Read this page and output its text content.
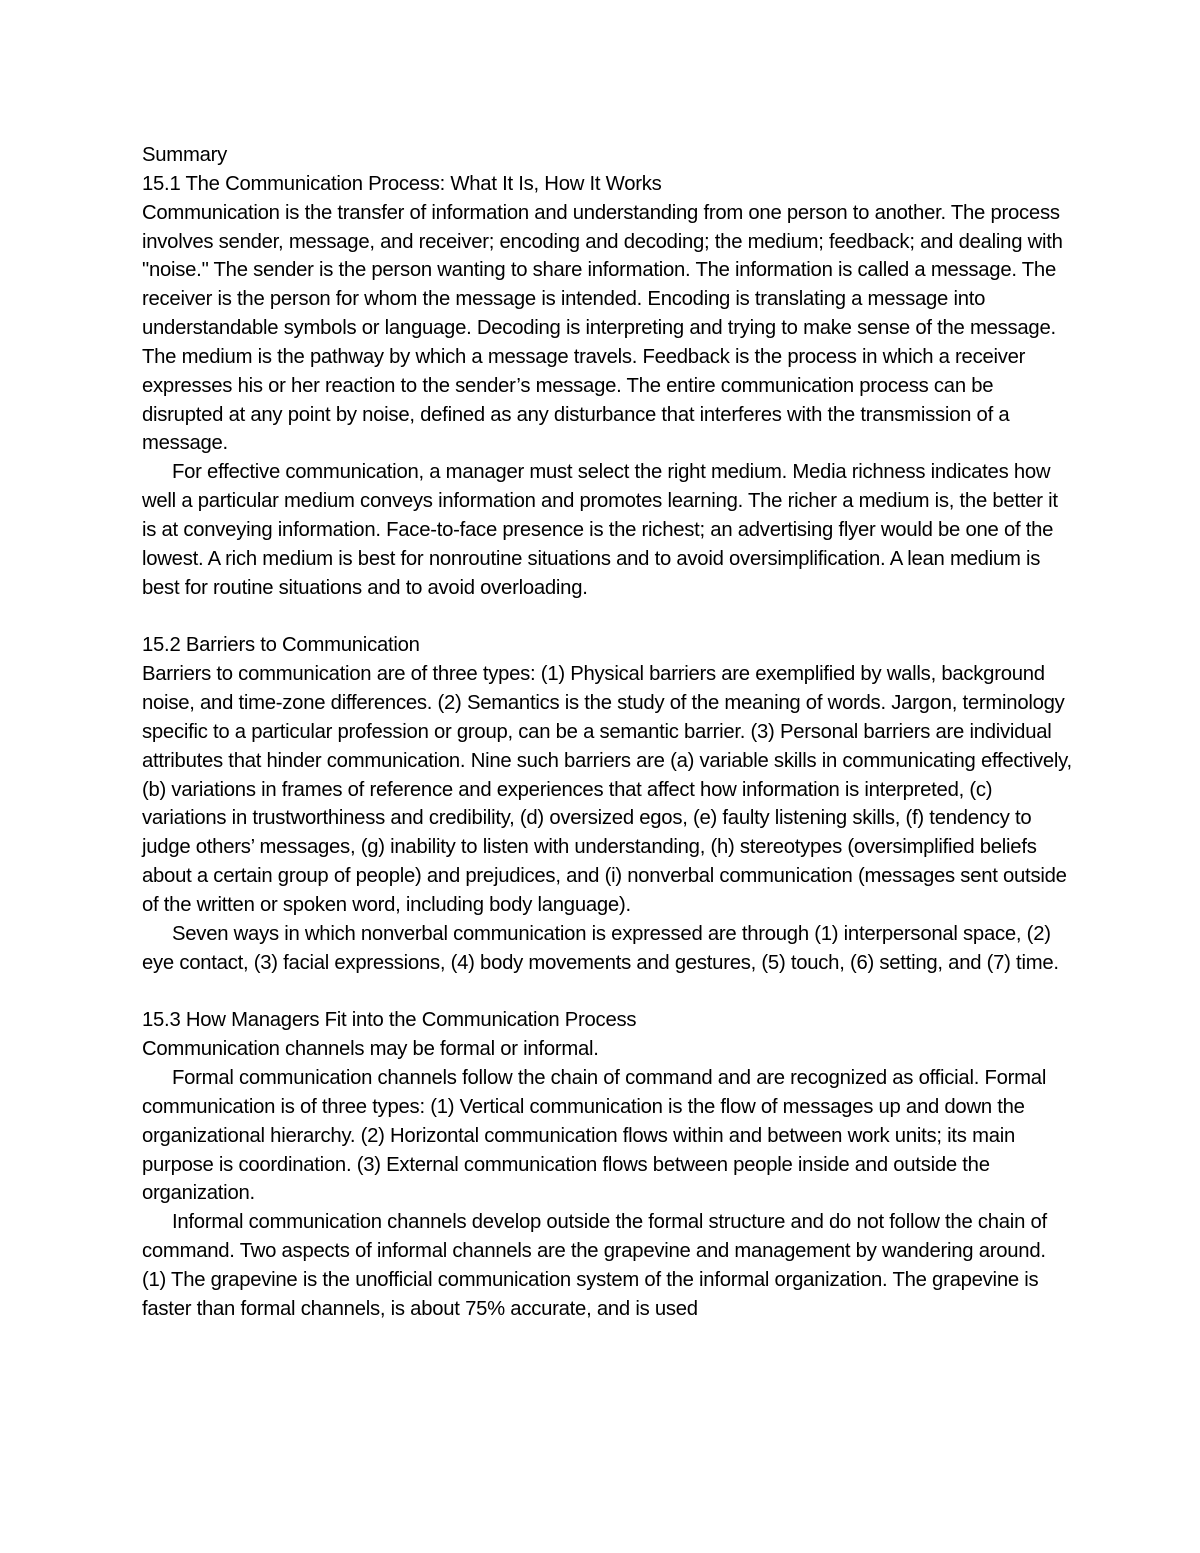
Summary

15.1 The Communication Process: What It Is, How It Works

Communication is the transfer of information and understanding from one person to another. The process involves sender, message, and receiver; encoding and decoding; the medium; feedback; and dealing with "noise." The sender is the person wanting to share information. The information is called a message. The receiver is the person for whom the message is intended. Encoding is translating a message into understandable symbols or language. Decoding is interpreting and trying to make sense of the message. The medium is the pathway by which a message travels. Feedback is the process in which a receiver expresses his or her reaction to the sender’s message. The entire communication process can be disrupted at any point by noise, defined as any disturbance that interferes with the transmission of a message.

For effective communication, a manager must select the right medium. Media richness indicates how well a particular medium conveys information and promotes learning. The richer a medium is, the better it is at conveying information. Face-to-face presence is the richest; an advertising flyer would be one of the lowest. A rich medium is best for nonroutine situations and to avoid oversimplification. A lean medium is best for routine situations and to avoid overloading.

15.2 Barriers to Communication

Barriers to communication are of three types: (1) Physical barriers are exemplified by walls, background noise, and time-zone differences. (2) Semantics is the study of the meaning of words. Jargon, terminology specific to a particular profession or group, can be a semantic barrier. (3) Personal barriers are individual attributes that hinder communication. Nine such barriers are (a) variable skills in communicating effectively, (b) variations in frames of reference and experiences that affect how information is interpreted, (c) variations in trustworthiness and credibility, (d) oversized egos, (e) faulty listening skills, (f) tendency to judge others’ messages, (g) inability to listen with understanding, (h) stereotypes (oversimplified beliefs about a certain group of people) and prejudices, and (i) nonverbal communication (messages sent outside of the written or spoken word, including body language).

Seven ways in which nonverbal communication is expressed are through (1) interpersonal space, (2) eye contact, (3) facial expressions, (4) body movements and gestures, (5) touch, (6) setting, and (7) time.

15.3 How Managers Fit into the Communication Process

Communication channels may be formal or informal.

Formal communication channels follow the chain of command and are recognized as official. Formal communication is of three types: (1) Vertical communication is the flow of messages up and down the organizational hierarchy. (2) Horizontal communication flows within and between work units; its main purpose is coordination. (3) External communication flows between people inside and outside the organization.

Informal communication channels develop outside the formal structure and do not follow the chain of command. Two aspects of informal channels are the grapevine and management by wandering around. (1) The grapevine is the unofficial communication system of the informal organization. The grapevine is faster than formal channels, is about 75% accurate, and is used
